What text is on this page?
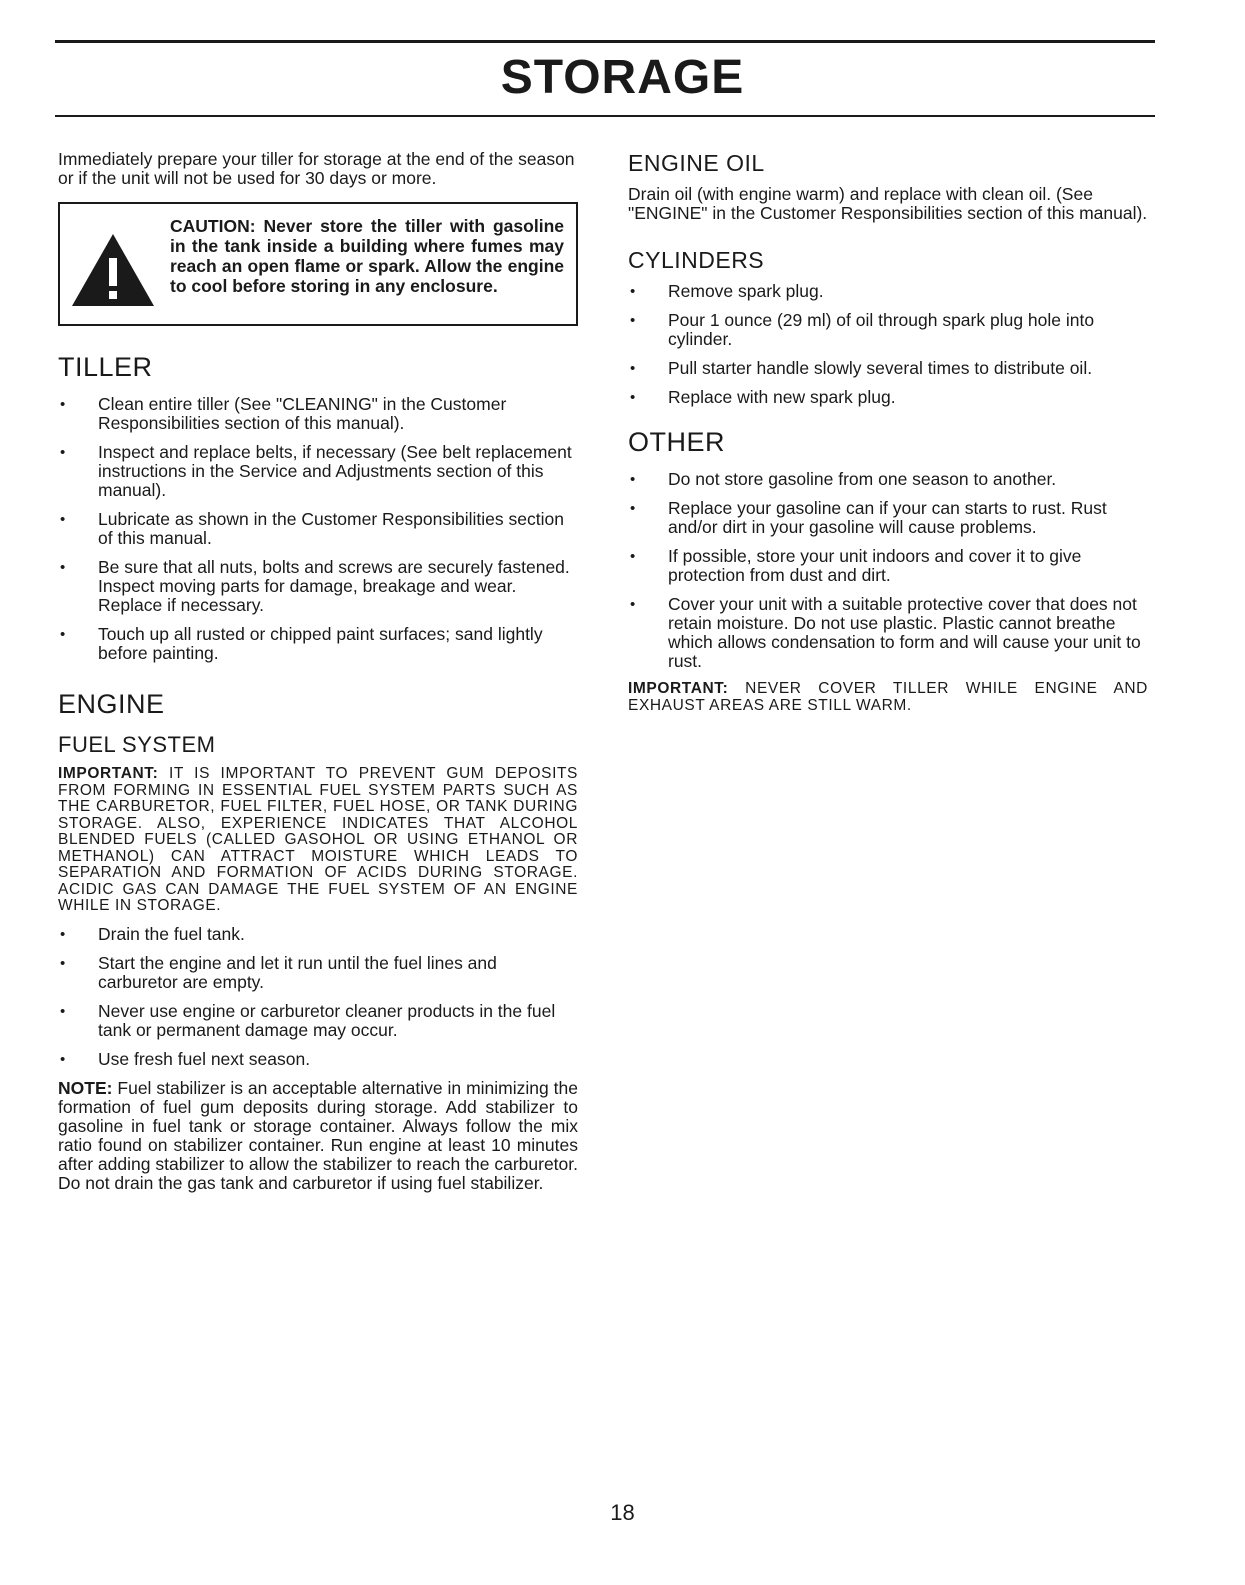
STORAGE

Immediately prepare your tiller for storage at the end of the season or if the unit will not be used for 30 days or more.

CAUTION: Never store the tiller with gasoline in the tank inside a building where fumes may reach an open flame or spark. Allow the engine to cool before storing in any enclosure.
TILLER
• Clean entire tiller (See "CLEANING" in the Customer Responsibilities section of this manual).
• Inspect and replace belts, if necessary (See belt replacement instructions in the Service and Adjustments section of this manual).
• Lubricate as shown in the Customer Responsibilities section of this manual.
• Be sure that all nuts, bolts and screws are securely fastened. Inspect moving parts for damage, breakage and wear. Replace if necessary.
• Touch up all rusted or chipped paint surfaces; sand lightly before painting.
ENGINE
FUEL SYSTEM

IMPORTANT: IT IS IMPORTANT TO PREVENT GUM DEPOSITS FROM FORMING IN ESSENTIAL FUEL SYSTEM PARTS SUCH AS THE CARBURETOR, FUEL FILTER, FUEL HOSE, OR TANK DURING STORAGE. ALSO, EXPERIENCE INDICATES THAT ALCOHOL BLENDED FUELS (CALLED GASOHOL OR USING ETHANOL OR METHANOL) CAN ATTRACT MOISTURE WHICH LEADS TO SEPARATION AND FORMATION OF ACIDS DURING STORAGE. ACIDIC GAS CAN DAMAGE THE FUEL SYSTEM OF AN ENGINE WHILE IN STORAGE.

• Drain the fuel tank.
• Start the engine and let it run until the fuel lines and carburetor are empty.
• Never use engine or carburetor cleaner products in the fuel tank or permanent damage may occur.
• Use fresh fuel next season.

NOTE: Fuel stabilizer is an acceptable alternative in minimizing the formation of fuel gum deposits during storage. Add stabilizer to gasoline in fuel tank or storage container. Always follow the mix ratio found on stabilizer container. Run engine at least 10 minutes after adding stabilizer to allow the stabilizer to reach the carburetor. Do not drain the gas tank and carburetor if using fuel stabilizer.

ENGINE OIL

Drain oil (with engine warm) and replace with clean oil. (See "ENGINE" in the Customer Responsibilities section of this manual).

CYLINDERS
• Remove spark plug.
• Pour 1 ounce (29 ml) of oil through spark plug hole into cylinder.
• Pull starter handle slowly several times to distribute oil.
• Replace with new spark plug.
OTHER
• Do not store gasoline from one season to another.
• Replace your gasoline can if your can starts to rust. Rust and/or dirt in your gasoline will cause problems.
• If possible, store your unit indoors and cover it to give protection from dust and dirt.
• Cover your unit with a suitable protective cover that does not retain moisture. Do not use plastic. Plastic cannot breathe which allows condensation to form and will cause your unit to rust.

IMPORTANT: NEVER COVER TILLER WHILE ENGINE AND EXHAUST AREAS ARE STILL WARM.

18
